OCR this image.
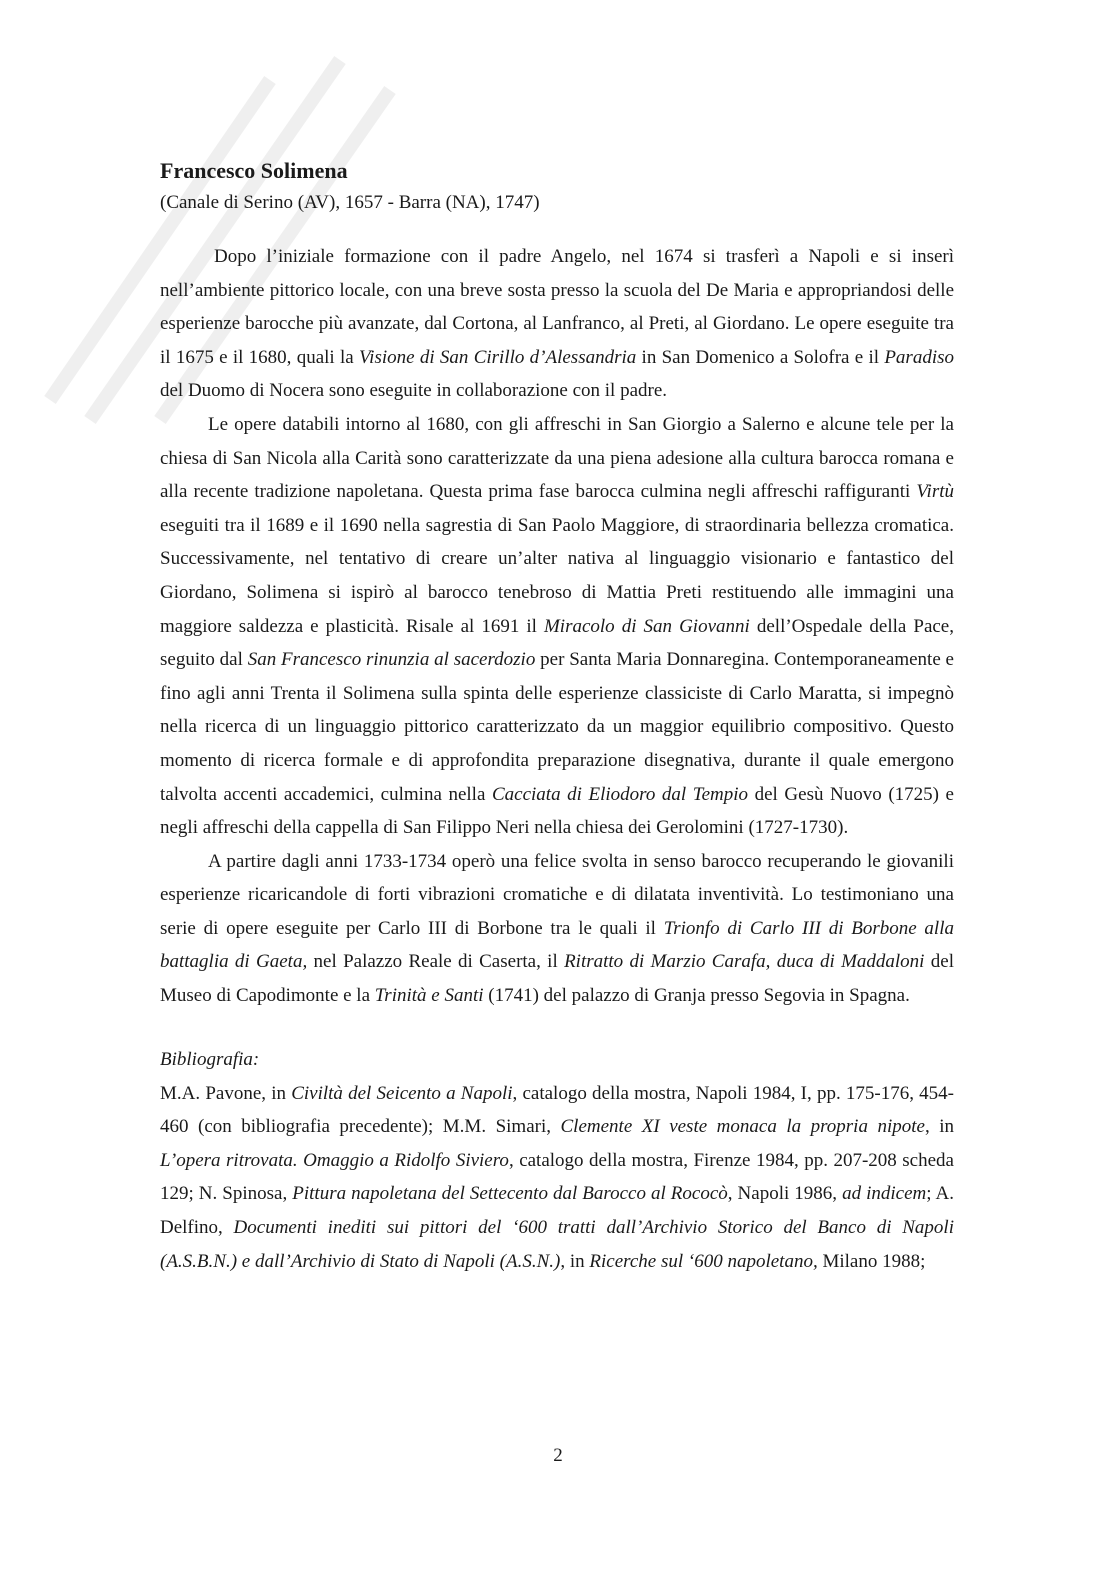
Francesco Solimena

(Canale di Serino (AV), 1657 - Barra (NA), 1747)

Dopo l’iniziale formazione con il padre Angelo, nel 1674 si trasferì a Napoli e si inserì nell’ambiente pittorico locale, con una breve sosta presso la scuola del De Maria e appropriandosi delle esperienze barocche più avanzate, dal Cortona, al Lanfranco, al Preti, al Giordano. Le opere eseguite tra il 1675 e il 1680, quali la Visione di San Cirillo d’Alessandria in San Domenico a Solofra e il Paradiso del Duomo di Nocera sono eseguite in collaborazione con il padre.

Le opere databili intorno al 1680, con gli affreschi in San Giorgio a Salerno e alcune tele per la chiesa di San Nicola alla Carità sono caratterizzate da una piena adesione alla cultura barocca romana e alla recente tradizione napoletana. Questa prima fase barocca culmina negli affreschi raffiguranti Virtù eseguiti tra il 1689 e il 1690 nella sagrestia di San Paolo Maggiore, di straordinaria bellezza cromatica. Successivamente, nel tentativo di creare un’alter nativa al linguaggio visionario e fantastico del Giordano, Solimena si ispirò al barocco tenebroso di Mattia Preti restituendo alle immagini una maggiore saldezza e plasticità. Risale al 1691 il Miracolo di San Giovanni dell’Ospedale della Pace, seguito dal San Francesco rinunzia al sacerdozio per Santa Maria Donnaregina. Contemporaneamente e fino agli anni Trenta il Solimena sulla spinta delle esperienze classiciste di Carlo Maratta, si impegnò nella ricerca di un linguaggio pittorico caratterizzato da un maggior equilibrio compositivo. Questo momento di ricerca formale e di approfondita preparazione disegnativa, durante il quale emergono talvolta accenti accademici, culmina nella Cacciata di Eliodoro dal Tempio del Gesù Nuovo (1725) e negli affreschi della cappella di San Filippo Neri nella chiesa dei Gerolomini (1727-1730).

A partire dagli anni 1733-1734 operò una felice svolta in senso barocco recuperando le giovanili esperienze ricaricandole di forti vibrazioni cromatiche e di dilatata inventività. Lo testimoniano una serie di opere eseguite per Carlo III di Borbone tra le quali il Trionfo di Carlo III di Borbone alla battaglia di Gaeta, nel Palazzo Reale di Caserta, il Ritratto di Marzio Carafa, duca di Maddaloni del Museo di Capodimonte e la Trinità e Santi (1741) del palazzo di Granja presso Segovia in Spagna.

Bibliografia:

M.A. Pavone, in Civiltà del Seicento a Napoli, catalogo della mostra, Napoli 1984, I, pp. 175-176, 454-460 (con bibliografia precedente); M.M. Simari, Clemente XI veste monaca la propria nipote, in L’opera ritrovata. Omaggio a Ridolfo Siviero, catalogo della mostra, Firenze 1984, pp. 207-208 scheda 129; N. Spinosa, Pittura napoletana del Settecento dal Barocco al Rococò, Napoli 1986, ad indicem; A. Delfino, Documenti inediti sui pittori del ‘600 tratti dall’Archivio Storico del Banco di Napoli (A.S.B.N.) e dall’Archivio di Stato di Napoli (A.S.N.), in Ricerche sul ‘600 napoletano, Milano 1988;

2
